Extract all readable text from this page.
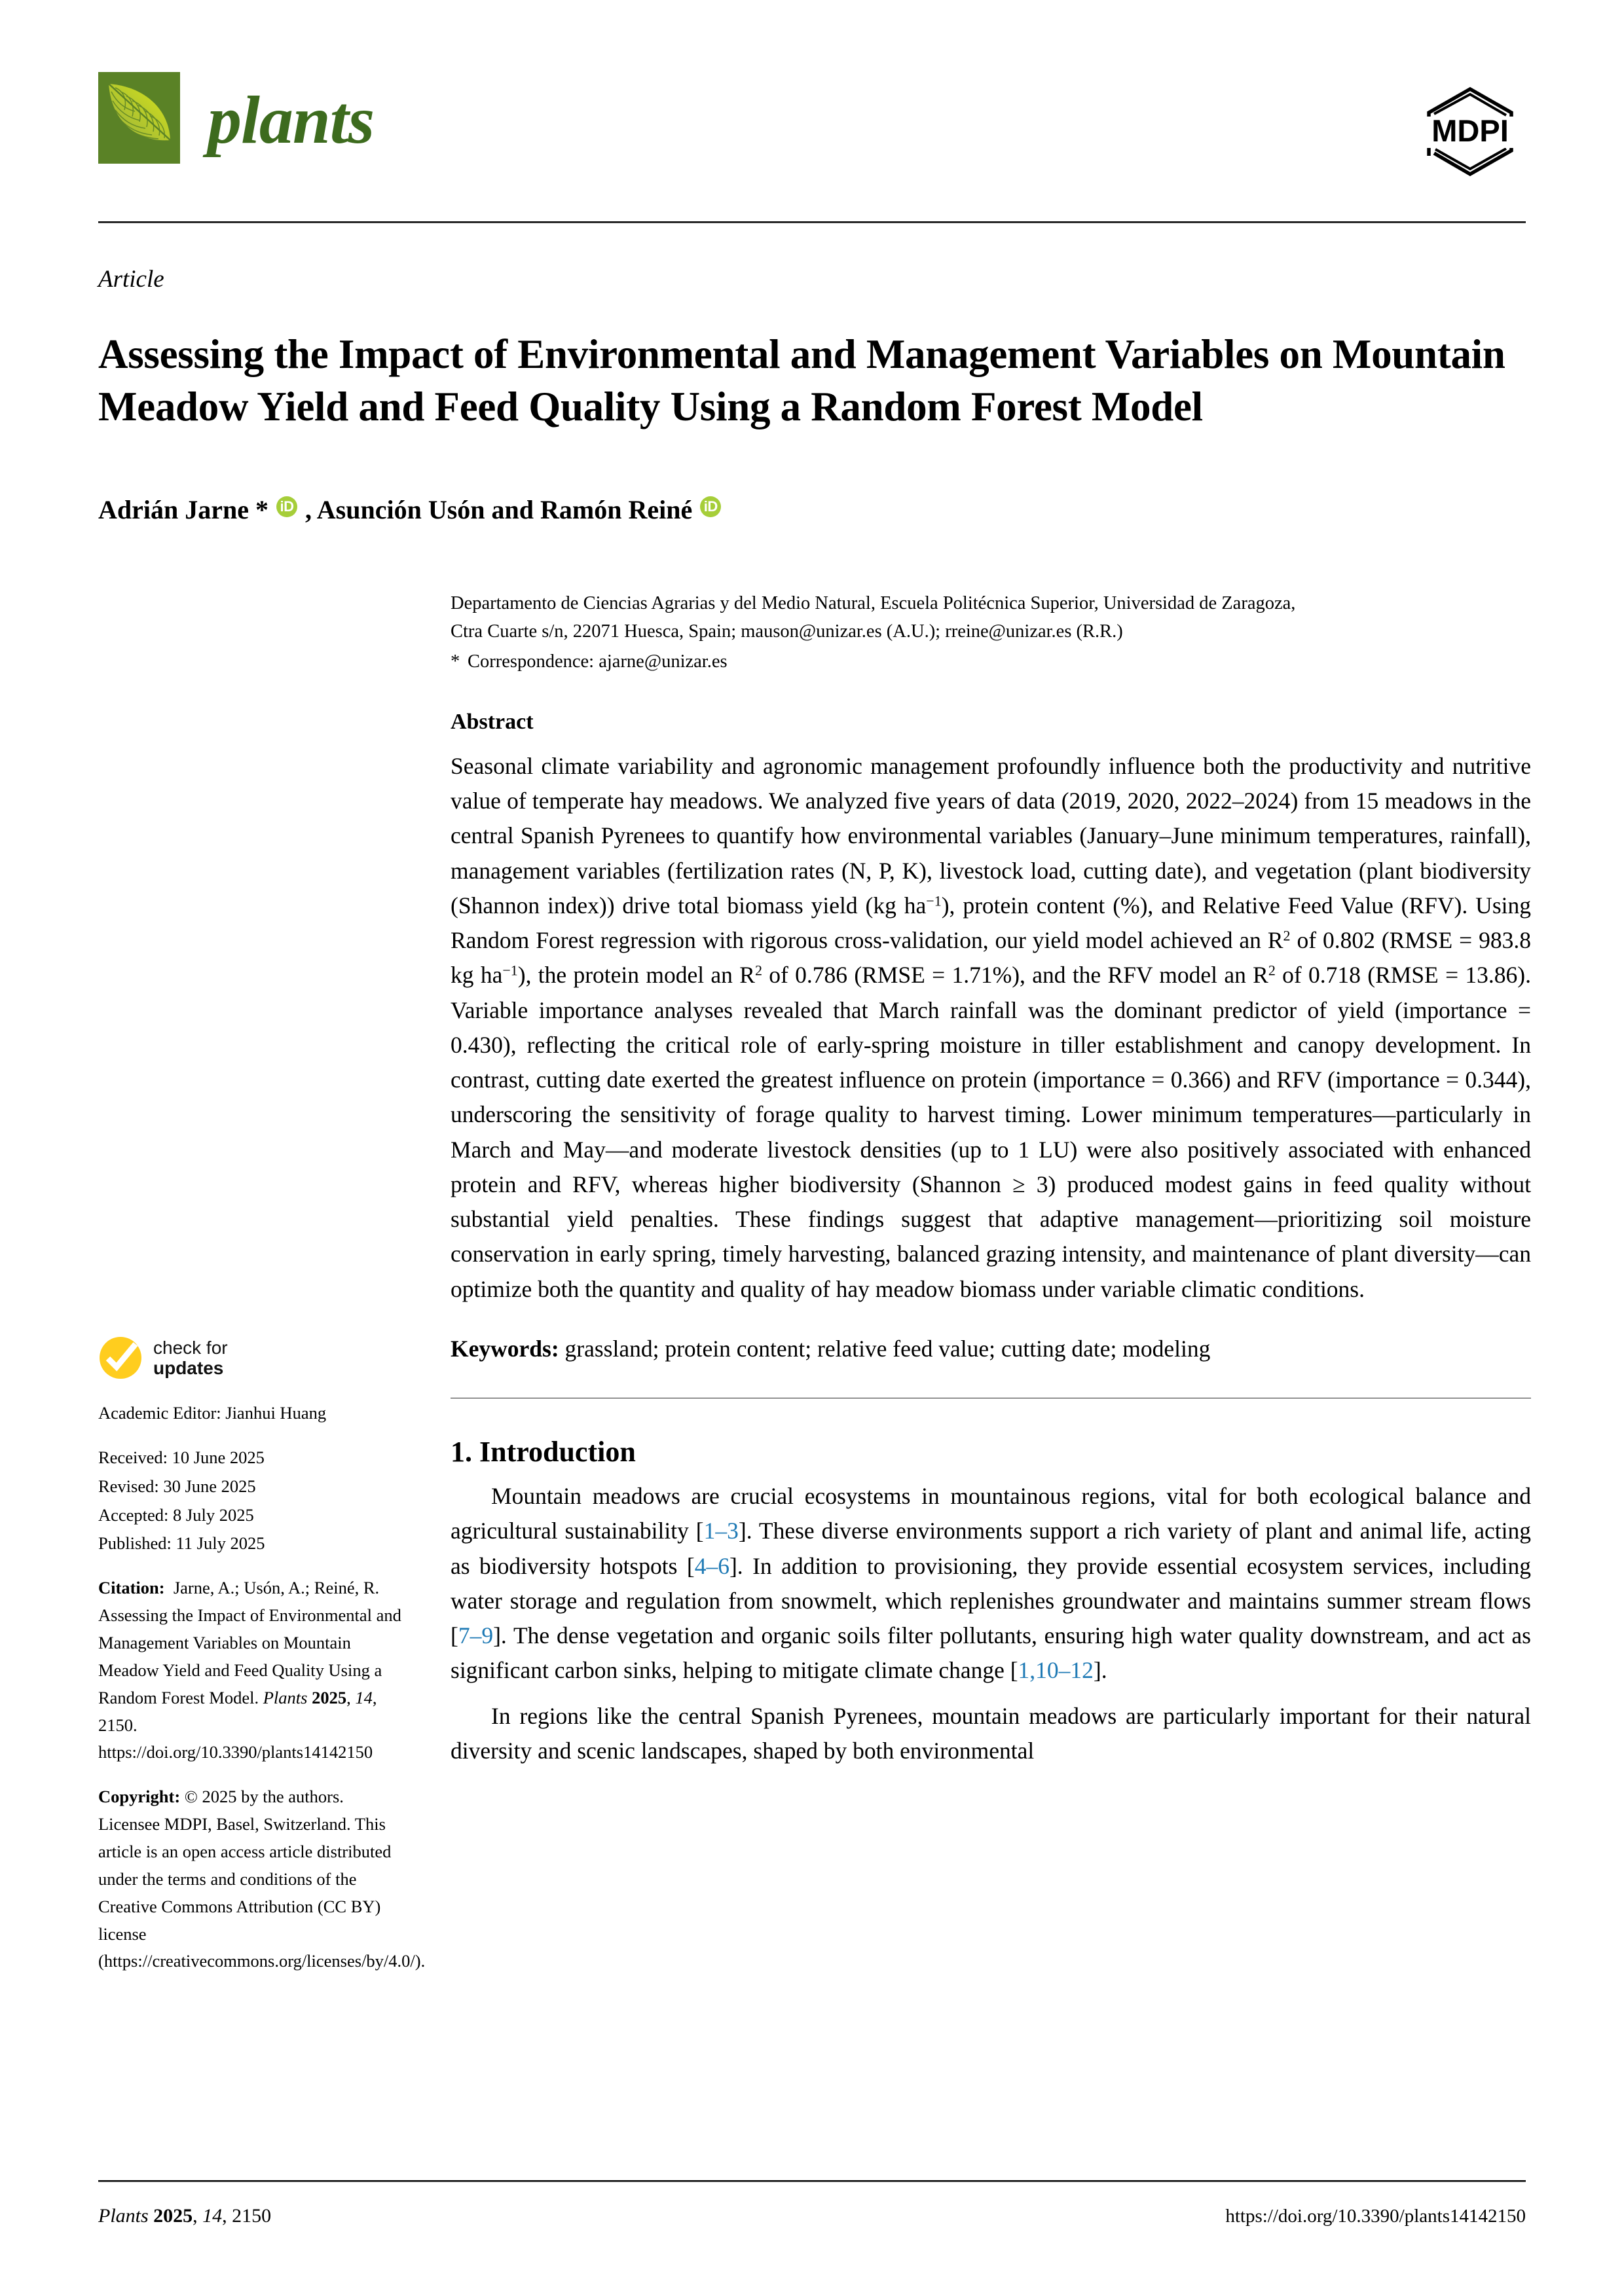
plants	MDPI
Article
Assessing the Impact of Environmental and Management Variables on Mountain Meadow Yield and Feed Quality Using a Random Forest Model
Adrián Jarne * iD , Asunción Usón and Ramón Reiné iD
check for
updates
Academic Editor: Jianhui Huang
Received: 10 June 2025
Revised: 30 June 2025
Accepted: 8 July 2025
Published: 11 July 2025
Citation: Jarne, A.; Usón, A.; Reiné, R. Assessing the Impact of Environmental and Management Variables on Mountain Meadow Yield and Feed Quality Using a Random Forest Model. Plants 2025, 14, 2150. https://doi.org/10.3390/plants14142150
Copyright: © 2025 by the authors. Licensee MDPI, Basel, Switzerland. This article is an open access article distributed under the terms and conditions of the Creative Commons Attribution (CC BY) license (https://creativecommons.org/licenses/by/4.0/).
Departamento de Ciencias Agrarias y del Medio Natural, Escuela Politécnica Superior, Universidad de Zaragoza,
Ctra Cuarte s/n, 22071 Huesca, Spain; mauson@unizar.es (A.U.); rreine@unizar.es (R.R.)
* Correspondence: ajarne@unizar.es
Abstract
Seasonal climate variability and agronomic management profoundly influence both the productivity and nutritive value of temperate hay meadows. We analyzed five years of data (2019, 2020, 2022–2024) from 15 meadows in the central Spanish Pyrenees to quantify how environmental variables (January–June minimum temperatures, rainfall), management variables (fertilization rates (N, P, K), livestock load, cutting date), and vegetation (plant biodiversity (Shannon index)) drive total biomass yield (kg $ha^{-1}$), protein content (%), and Relative Feed Value (RFV). Using Random Forest regression with rigorous cross-validation, our yield model achieved an $R^2$ of 0.802 (RMSE = 983.8 kg $ha^{-1}$), the protein model an $R^2$ of 0.786 (RMSE = 1.71%), and the RFV model an $R^2$ of 0.718 (RMSE = 13.86). Variable importance analyses revealed that March rainfall was the dominant predictor of yield (importance = 0.430), reflecting the critical role of early-spring moisture in tiller establishment and canopy development. In contrast, cutting date exerted the greatest influence on protein (importance = 0.366) and RFV (importance = 0.344), underscoring the sensitivity of forage quality to harvest timing. Lower minimum temperatures—particularly in March and May—and moderate livestock densities (up to 1 LU) were also positively associated with enhanced protein and RFV, whereas higher biodiversity (Shannon ≥ 3) produced modest gains in feed quality without substantial yield penalties. These findings suggest that adaptive management—prioritizing soil moisture conservation in early spring, timely harvesting, balanced grazing intensity, and maintenance of plant diversity—can optimize both the quantity and quality of hay meadow biomass under variable climatic conditions.
Keywords: grassland; protein content; relative feed value; cutting date; modeling
1. Introduction
Mountain meadows are crucial ecosystems in mountainous regions, vital for both ecological balance and agricultural sustainability [1–3]. These diverse environments support a rich variety of plant and animal life, acting as biodiversity hotspots [4–6]. In addition to provisioning, they provide essential ecosystem services, including water storage and regulation from snowmelt, which replenishes groundwater and maintains summer stream flows [7–9]. The dense vegetation and organic soils filter pollutants, ensuring high water quality downstream, and act as significant carbon sinks, helping to mitigate climate change [1,10–12].
In regions like the central Spanish Pyrenees, mountain meadows are particularly important for their natural diversity and scenic landscapes, shaped by both environmental
Plants 2025, 14, 2150	https://doi.org/10.3390/plants14142150
